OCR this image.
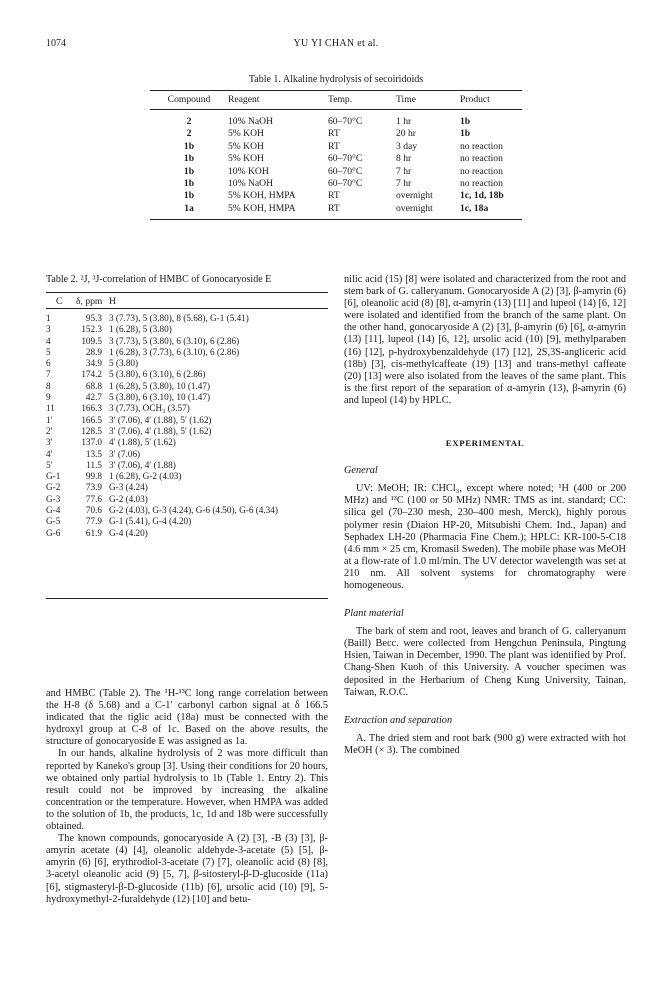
1074	YU YI CHAN et al.
Table 1. Alkaline hydrolysis of secoiridoids
Compound	Reagent	Temp.	Time	Product
2	10% NaOH	60–70°C	1 hr	1b
2	5% KOH	RT	20 hr	1b
1b	5% KOH	RT	3 day	no reaction
1b	5% KOH	60–70°C	8 hr	no reaction
1b	10% KOH	60–70°C	7 hr	no reaction
1b	10% NaOH	60–70°C	7 hr	no reaction
1b	5% KOH, HMPA	RT	overnight	1c, 1d, 18b
1a	5% KOH, HMPA	RT	overnight	1c, 18a
Table 2. ²J, ³J-correlation of HMBC of Gonocaryoside E
C δ, ppm H
1	95.3 3 (7.73), 5 (3.80), 8 (5.68), G-1 (5.41)
3	152.3 1 (6.28), 5 (3.80)
4	109.5 3 (7.73), 5 (3.80), 6 (3.10), 6 (2.86)
5	28.9 1 (6.28), 3 (7.73), 6 (3.10), 6 (2.86)
6	34.9 5 (3.80)
7	174.2 5 (3.80), 6 (3.10), 6 (2.86)
8	68.8 1 (6.28), 5 (3.80), 10 (1.47)
9	42.7 5 (3.80), 6 (3.10), 10 (1.47)
11	166.3 3 (7.73), OCH₃ (3.57)
1′	166.5 3′ (7.06), 4′ (1.88), 5′ (1.62)
2′	128.5 3′ (7.06), 4′ (1.88), 5′ (1.62)
3′	137.0 4′ (1.88), 5′ (1.62)
4′	13.5 3′ (7.06)
5′	11.5 3′ (7.06), 4′ (1.88)
G-1	99.8 1 (6.28), G-2 (4.03)
G-2	73.9 G-3 (4.24)
G-3	77.6 G-2 (4.03)
G-4	70.6 G-2 (4.03), G-3 (4.24), G-6 (4.50), G-6 (4.34)
G-5	77.9 G-1 (5.41), G-4 (4.20)
G-6	61.9 G-4 (4.20)

and HMBC (Table 2). The ¹H-¹³C long range correlation between the H-8 (δ 5.68) and a C-1′ carbonyl carbon signal at δ 166.5 indicated that the tiglic acid (18a) must be connected with the hydroxyl group at C-8 of 1c. Based on the above results, the structure of gonocaryoside E was assigned as 1a.

In our hands, alkaline hydrolysis of 2 was more difficult than reported by Kaneko's group [3]. Using their conditions for 20 hours, we obtained only partial hydrolysis to 1b (Table 1. Entry 2). This result could not be improved by increasing the alkaline concentration or the temperature. However, when HMPA was added to the solution of 1b, the products, 1c, 1d and 18b were successfully obtained.

The known compounds, gonocaryoside A (2) [3], -B (3) [3], β-amyrin acetate (4) [4], oleanolic aldehyde-3-acetate (5) [5], β-amyrin (6) [6], erythrodiol-3-acetate (7) [7], oleanolic acid (8) [8], 3-acetyl oleanolic acid (9) [5, 7], β-sitosteryl-β-D-glucoside (11a) [6], stigmasteryl-β-D-glucoside (11b) [6], ursolic acid (10) [9], 5-hydroxymethyl-2-furaldehyde (12) [10] and betu-

nilic acid (15) [8] were isolated and characterized from the root and stem bark of G. calleryanum. Gonocaryoside A (2) [3], β-amyrin (6) [6], oleanolic acid (8) [8], α-amyrin (13) [11] and lupeol (14) [6, 12] were isolated and identified from the branch of the same plant. On the other hand, gonocaryoside A (2) [3], β-amyrin (6) [6], α-amyrin (13) [11], lupeol (14) [6, 12], ursolic acid (10) [9], methylparaben (16) [12], p-hydroxybenzaldehyde (17) [12], 2S,3S-angliceric acid (18b) [3], cis-methylcaffeate (19) [13] and trans-methyl caffeate (20) [13] were also isolated from the leaves of the same plant. This is the first report of the separation of α-amyrin (13), β-amyrin (6) and lupeol (14) by HPLC.

EXPERIMENTAL
General

UV: MeOH; IR: CHCl₃, except where noted; ¹H (400 or 200 MHz) and ¹³C (100 or 50 MHz) NMR: TMS as int. standard; CC: silica gel (70–230 mesh, 230–400 mesh, Merck), highly porous polymer resin (Diaion HP-20, Mitsubishi Chem. Ind., Japan) and Sephadex LH-20 (Pharmacia Fine Chem.); HPLC: KR-100-5-C18 (4.6 mm × 25 cm, Kromasil Sweden). The mobile phase was MeOH at a flow-rate of 1.0 ml/min. The UV detector wavelength was set at 210 nm. All solvent systems for chromatography were homogeneous.

Plant material

The bark of stem and root, leaves and branch of G. calleryanum (Baill) Becc. were collected from Hengchun Peninsula, Pingtung Hsien, Taiwan in December, 1990. The plant was identified by Prof. Chang-Shen Kuoh of this University. A voucher specimen was deposited in the Herbarium of Cheng Kung University, Tainan, Taiwan, R.O.C.

Extraction and separation

A. The dried stem and root bark (900 g) were extracted with hot MeOH (× 3). The combined
